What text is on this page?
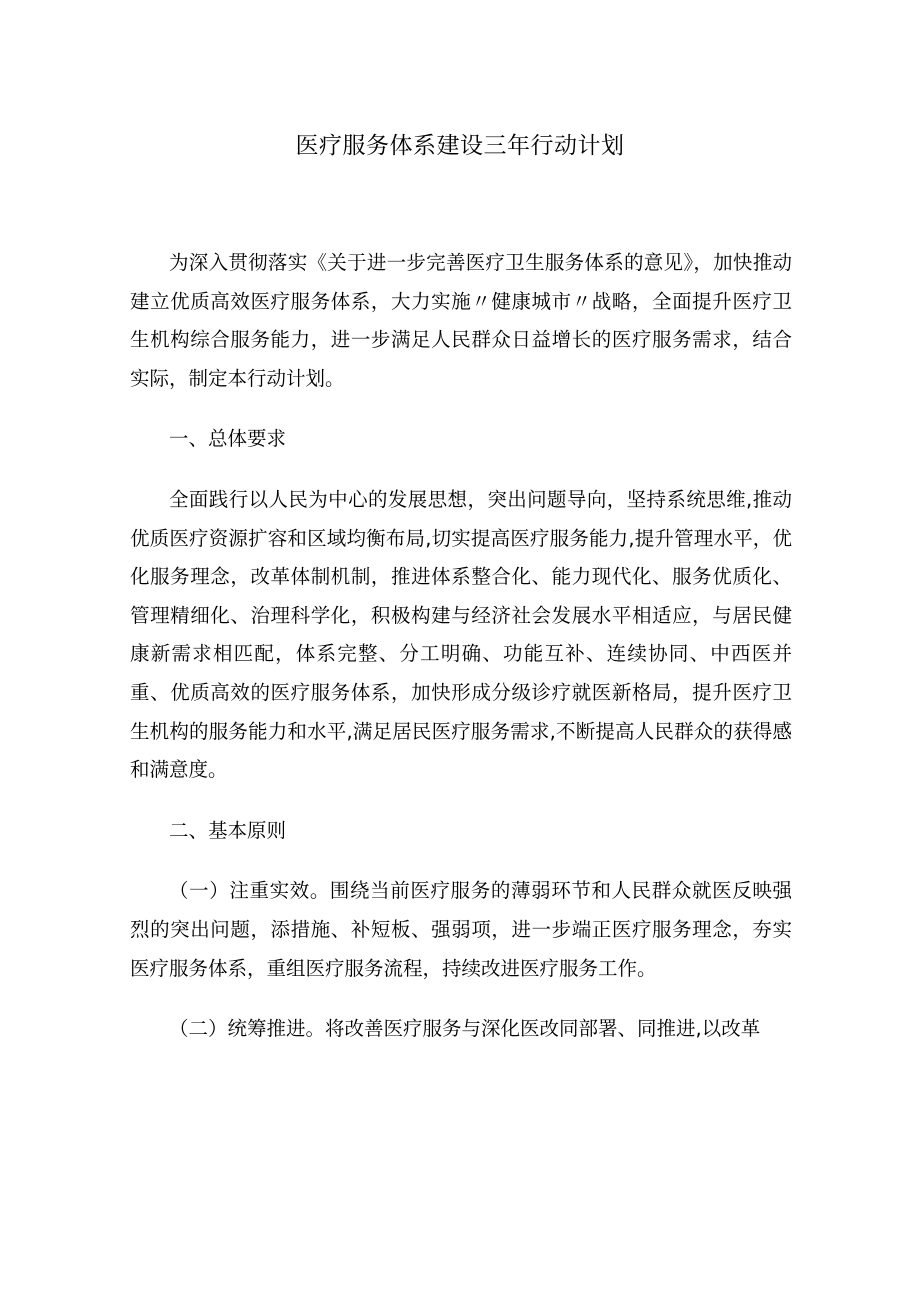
医疗服务体系建设三年行动计划

为深入贯彻落实《关于进一步完善医疗卫生服务体系的意见》，加快推动建立优质高效医疗服务体系，大力实施〃健康城市〃战略，全面提升医疗卫生机构综合服务能力，进一步满足人民群众日益增长的医疗服务需求，结合实际，制定本行动计划。

一、总体要求

全面践行以人民为中心的发展思想，突出问题导向，坚持系统思维,推动优质医疗资源扩容和区域均衡布局,切实提高医疗服务能力,提升管理水平，优化服务理念，改革体制机制，推进体系整合化、能力现代化、服务优质化、管理精细化、治理科学化，积极构建与经济社会发展水平相适应，与居民健康新需求相匹配，体系完整、分工明确、功能互补、连续协同、中西医并重、优质高效的医疗服务体系，加快形成分级诊疗就医新格局，提升医疗卫生机构的服务能力和水平,满足居民医疗服务需求,不断提高人民群众的获得感和满意度。

二、基本原则

（一）注重实效。围绕当前医疗服务的薄弱环节和人民群众就医反映强烈的突出问题，添措施、补短板、强弱项，进一步端正医疗服务理念，夯实医疗服务体系，重组医疗服务流程，持续改进医疗服务工作。

（二）统筹推进。将改善医疗服务与深化医改同部署、同推进,以改革
